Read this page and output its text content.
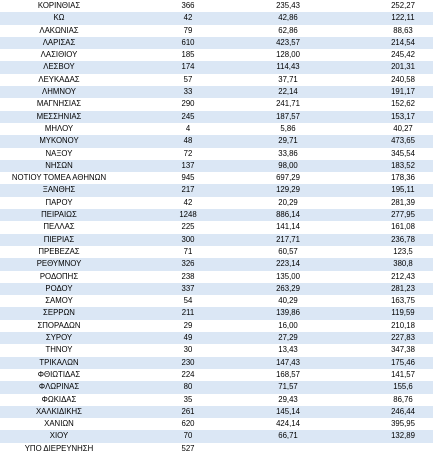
ΚΟΡΙΝΘΙΑΣ	366	235,43	252,27
ΚΩ	42	42,86	122,11
ΛΑΚΩΝΙΑΣ	79	62,86	88,63
ΛΑΡΙΣΑΣ	610	423,57	214,54
ΛΑΣΙΘΙΟΥ	185	128,00	245,42
ΛΕΣΒΟΥ	174	114,43	201,31
ΛΕΥΚΑΔΑΣ	57	37,71	240,58
ΛΗΜΝΟΥ	33	22,14	191,17
ΜΑΓΝΗΣΙΑΣ	290	241,71	152,62
ΜΕΣΣΗΝΙΑΣ	245	187,57	153,17
ΜΗΛΟΥ	4	5,86	40,27
ΜΥΚΟΝΟΥ	48	29,71	473,65
ΝΑΞΟΥ	72	33,86	345,54
ΝΗΣΩΝ	137	98,00	183,52
ΝΟΤΙΟΥ ΤΟΜΕΑ ΑΘΗΝΩΝ	945	697,29	178,36
ΞΑΝΘΗΣ	217	129,29	195,11
ΠΑΡΟΥ	42	20,29	281,39
ΠΕΙΡΑΙΩΣ	1248	886,14	277,95
ΠΕΛΛΑΣ	225	141,14	161,08
ΠΙΕΡΙΑΣ	300	217,71	236,78
ΠΡΕΒΕΖΑΣ	71	60,57	123,5
ΡΕΘΥΜΝΟΥ	326	223,14	380,8
ΡΟΔΟΠΗΣ	238	135,00	212,43
ΡΟΔΟΥ	337	263,29	281,23
ΣΑΜΟΥ	54	40,29	163,75
ΣΕΡΡΩΝ	211	139,86	119,59
ΣΠΟΡΑΔΩΝ	29	16,00	210,18
ΣΥΡΟΥ	49	27,29	227,83
ΤΗΝΟΥ	30	13,43	347,38
ΤΡΙΚΑΛΩΝ	230	147,43	175,46
ΦΘΙΩΤΙΔΑΣ	224	168,57	141,57
ΦΛΩΡΙΝΑΣ	80	71,57	155,6
ΦΩΚΙΔΑΣ	35	29,43	86,76
ΧΑΛΚΙΔΙΚΗΣ	261	145,14	246,44
ΧΑΝΙΩΝ	620	424,14	395,95
ΧΙΟΥ	70	66,71	132,89
ΥΠΟ ΔΙΕΡΕΥΝΗΣΗ	527
